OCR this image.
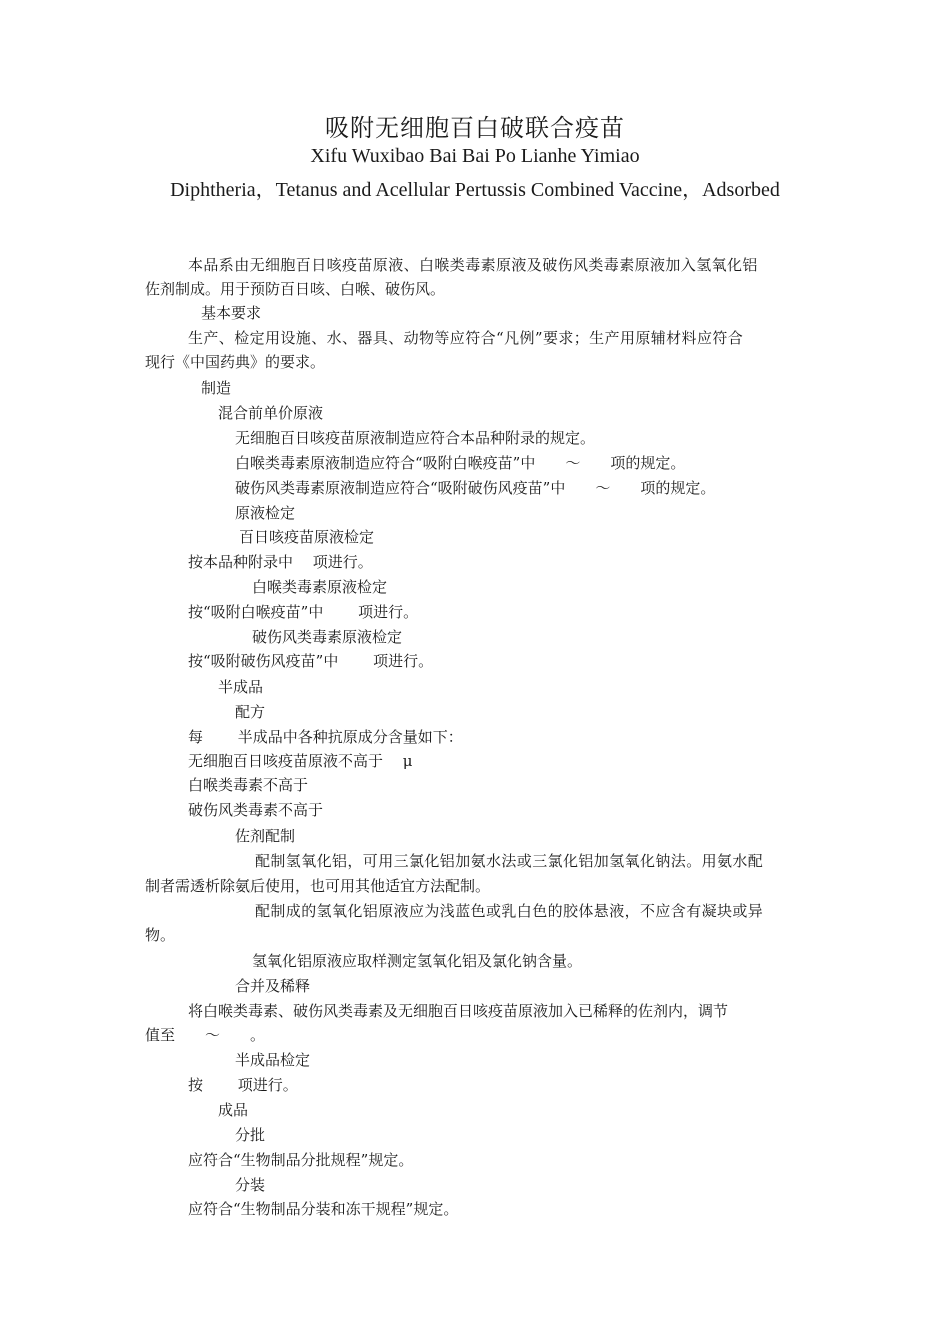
吸附无细胞百白破联合疫苗
Xifu Wuxibao Bai Bai Po Lianhe Yimiao
Diphtheria，Tetanus and Acellular Pertussis Combined Vaccine，Adsorbed
本品系由无细胞百日咳疫苗原液、白喉类毒素原液及破伤风类毒素原液加入氢氧化铝
佐剂制成。用于预防百日咳、白喉、破伤风。
基本要求
生产、检定用设施、水、器具、动物等应符合“凡例”要求；生产用原辅材料应符合
现行《中国药典》的要求。
制造
混合前单价原液
无细胞百日咳疫苗原液制造应符合本品种附录的规定。
白喉类毒素原液制造应符合“吸附白喉疫苗”中　　～　　项的规定。
破伤风类毒素原液制造应符合“吸附破伤风疫苗”中　　～　　项的规定。
原液检定
百日咳疫苗原液检定
按本品种附录中　 项进行。
白喉类毒素原液检定
按“吸附白喉疫苗”中　　 项进行。
破伤风类毒素原液检定
按“吸附破伤风疫苗”中　　 项进行。
半成品
配方
每　　 半成品中各种抗原成分含量如下：
无细胞百日咳疫苗原液不高于　 μ
白喉类毒素不高于
破伤风类毒素不高于
佐剂配制
配制氢氧化铝，可用三氯化铝加氨水法或三氯化铝加氢氧化钠法。用氨水配
制者需透析除氨后使用，也可用其他适宜方法配制。
配制成的氢氧化铝原液应为浅蓝色或乳白色的胶体悬液，不应含有凝块或异
物。
氢氧化铝原液应取样测定氢氧化铝及氯化钠含量。
合并及稀释
将白喉类毒素、破伤风类毒素及无细胞百日咳疫苗原液加入已稀释的佐剂内，调节
值至　　～　　。
半成品检定
按　　 项进行。
成品
分批
应符合“生物制品分批规程”规定。
分装
应符合“生物制品分装和冻干规程”规定。
